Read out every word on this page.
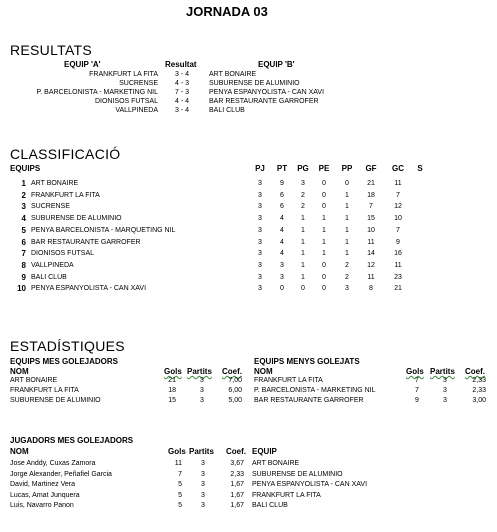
JORNADA 03
RESULTATS
EQUIP 'A'	Resultat	EQUIP 'B'
FRANKFURT LA FITA 3 - 4	ART BONAIRE
SUCRENSE 4 - 3	SUBURENSE DE ALUMINIO
P. BARCELONISTA - MARKETING NIL 7 - 3	PENYA ESPANYOLISTA - CAN XAVI
DIONISOS FUTSAL 4 - 4	BAR RESTAURANTE GARROFER
VALLPINEDA 3 - 4	BALI CLUB
CLASSIFICACIÓ
EQUIPS	PJ	PT	PG	PE	PP	GF	GC	S
1 ART BONAIRE	3	9	3	0	0	21	11
2 FRANKFURT LA FITA	3	6	2	0	1	18	7
3 SUCRENSE	3	6	2	0	1	7	12
4 SUBURENSE DE ALUMINIO	3	4	1	1	1	15	10
5 PENYA BARCELONISTA - MARQUETING NIL	3	4	1	1	1	10	7
6 BAR RESTAURANTE GARROFER	3	4	1	1	1	11	9
7 DIONISOS FUTSAL	3	4	1	1	1	14	16
8 VALLPINEDA	3	3	1	0	2	12	11
9 BALI CLUB	3	3	1	0	2	11	23
10 PENYA ESPANYOLISTA - CAN XAVI	3	0	0	0	3	8	21
ESTADÍSTIQUES
EQUIPS MES GOLEJADORS
NOM	Gols Partits Coef.
ART BONAIRE	21	3	7,00
FRANKFURT LA FITA	18	3	6,00
SUBURENSE DE ALUMINIO	15	3	5,00
EQUIPS MENYS GOLEJATS
NOM	Gols Partits Coef.
FRANKFURT LA FITA	7	3	2,33
P. BARCELONISTA - MARKETING NIL	7	3	2,33
BAR RESTAURANTE GARROFER	9	3	3,00
JUGADORS MES GOLEJADORS
NOM	Gols Partits Coef. EQUIP
Jose Anddy, Cuxas Zamora	11	3	3,67 ART BONAIRE
Jorge Alexander, Peñafiel Garcia	7	3	2,33 SUBURENSE DE ALUMINIO
David, Martinez Vera	5	3	1,67 PENYA ESPANYOLISTA - CAN XAVI
Lucas, Amat Junquera	5	3	1,67 FRANKFURT LA FITA
Luis, Navarro Panon	5	3	1,67 BALI CLUB
